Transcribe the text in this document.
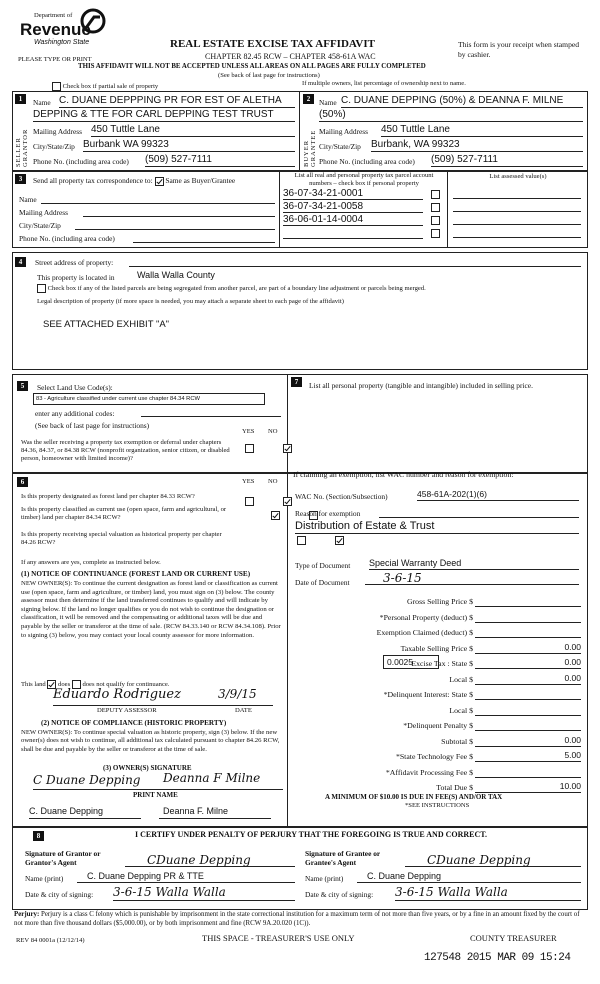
Department of
Revenue
Washington State
PLEASE TYPE OR PRINT
REAL ESTATE EXCISE TAX AFFIDAVIT
CHAPTER 82.45 RCW – CHAPTER 458-61A WAC
This form is your receipt when stamped by cashier.
THIS AFFIDAVIT WILL NOT BE ACCEPTED UNLESS ALL AREAS ON ALL PAGES ARE FULLY COMPLETED
(See back of last page for instructions)
Check box if partial sale of property	If multiple owners, list percentage of ownership next to name.
1
SELLER GRANTOR
Name C. DUANE DEPPPING PR FOR EST OF ALETHA
DEPPING & TTE FOR CARL DEPPING TEST TRUST
Mailing Address 450 Tuttle Lane
City/State/Zip Burbank WA 99323
Phone No. (including area code) (509) 527-7111
2
BUYER GRANTEE
Name C. DUANE DEPPING (50%) & DEANNA F. MILNE
(50%)
Mailing Address 450 Tuttle Lane
City/State/Zip Burbank, WA 99323
Phone No. (including area code) (509) 527-7111
3	Send all property tax correspondence to: Same as Buyer/Grantee
Name
Mailing Address
City/State/Zip
Phone No. (including area code)
List all real and personal property tax parcel account numbers – check box if personal property
List assessed value(s)
36-07-34-21-0001
36-07-34-21-0058
36-06-01-14-0004
4	Street address of property:
This property is located in Walla Walla County
Check box if any of the listed parcels are being segregated from another parcel, are part of a boundary line adjustment or parcels being merged.
Legal description of property (if more space is needed, you may attach a separate sheet to each page of the affidavit)
SEE ATTACHED EXHIBIT "A"
5	Select Land Use Code(s):
83 - Agriculture classified under current use chapter 84.34 RCW
enter any additional codes:
(See back of last page for instructions)
YES NO
Was the seller receiving a property tax exemption or deferral under chapters 84.36, 84.37, or 84.38 RCW (nonprofit organization, senior citizen, or disabled person, homeowner with limited income)?

7	List all personal property (tangible and intangible) included in selling price.
6	YES NO
Is this property designated as forest land per chapter 84.33 RCW?

Is this property classified as current use (open space, farm and agricultural, or timber) land per chapter 84.34 RCW?

Is this property receiving special valuation as historical property per chapter 84.26 RCW?

If any answers are yes, complete as instructed below.
(1) NOTICE OF CONTINUANCE (FOREST LAND OR CURRENT USE)
NEW OWNER(S): To continue the current designation as forest land or classification as current use (open space, farm and agriculture, or timber) land, you must sign on (3) below. The county assessor must then determine if the land transferred continues to qualify and will indicate by signing below. If the land no longer qualifies or you do not wish to continue the designation or classification, it will be removed and the compensating or additional taxes will be due and payable by the seller or transferor at the time of sale. (RCW 84.33.140 or RCW 84.34.108). Prior to signing (3) below, you may contact your local county assessor for more information.
This land does does not qualify for continuance.
Eduardo Rodriguez	3/9/15
DEPUTY ASSESSOR	DATE
(2) NOTICE OF COMPLIANCE (HISTORIC PROPERTY)
NEW OWNER(S): To continue special valuation as historic property, sign (3) below. If the new owner(s) does not wish to continue, all additional tax calculated pursuant to chapter 84.26 RCW, shall be due and payable by the seller or transferor at the time of sale.
(3) OWNER(S) SIGNATURE
C Duane Depping Deanna F Milne
PRINT NAME
C. Duane Depping	Deanna F. Milne
If claiming an exemption, list WAC number and reason for exemption:
WAC No. (Section/Subsection)	458-61A-202(1)(6)
Reason for exemption
Distribution of Estate & Trust
Type of Document Special Warranty Deed
Date of Document	3-6-15
Gross Selling Price $
*Personal Property (deduct) $
Exemption Claimed (deduct) $
Taxable Selling Price $	0.00
Excise Tax : State $	0.00
Local $	0.00
*Delinquent Interest: State $
Local $
*Delinquent Penalty $
Subtotal $	0.00
*State Technology Fee $	5.00
*Affidavit Processing Fee $
Total Due $	10.00
0.0025
A MINIMUM OF $10.00 IS DUE IN FEE(S) AND/OR TAX
*SEE INSTRUCTIONS
8	I CERTIFY UNDER PENALTY OF PERJURY THAT THE FOREGOING IS TRUE AND CORRECT.
Signature of Grantor or Grantor's Agent	CDuane Depping
Name (print)	C. Duane Depping PR & TTE
Date & city of signing: 3-6-15 Walla Walla
Signature of Grantee or Grantee's Agent	CDuane Depping
Name (print)	C. Duane Depping
Date & city of signing: 3-6-15 Walla Walla
Perjury: Perjury is a class C felony which is punishable by imprisonment in the state correctional institution for a maximum term of not more than five years, or by a fine in an amount fixed by the court of not more than five thousand dollars ($5,000.00), or by both imprisonment and fine (RCW 9A.20.020 (1C)).
REV 84 0001a (12/12/14)	THIS SPACE - TREASURER'S USE ONLY	COUNTY TREASURER
127548 2015 MAR 09 15:24
